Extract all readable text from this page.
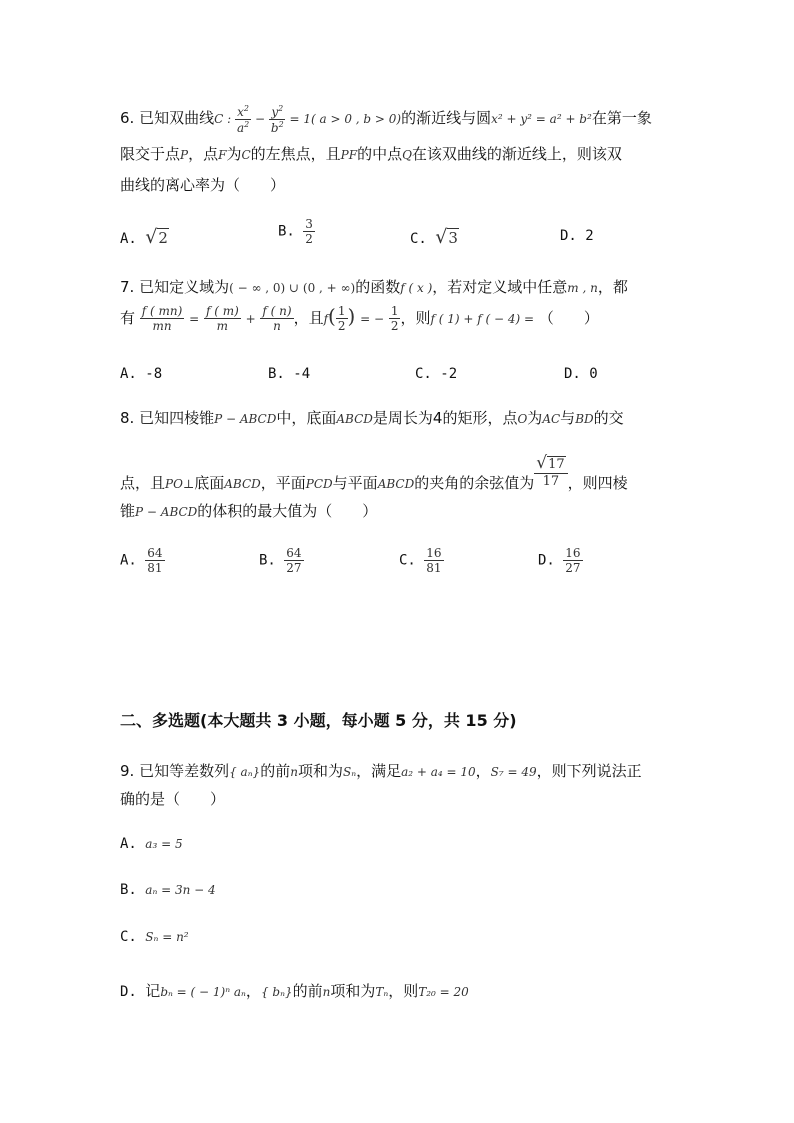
6. 已知双曲线C : $\frac{x^2}{a^2} - \frac{y^2}{b^2} = 1$( a > 0 , b > 0)的渐近线与圆x² + y² = a² + b²在第一象
限交于点P，点F为C的左焦点，且PF的中点Q在该双曲线的渐近线上，则该双
曲线的离心率为（　　）
A. √2	B. $\frac{3}{2}$	C. √3	D. 2
7. 已知定义域为( − ∞ , 0) ∪ (0 , + ∞)的函数f ( x )，若对定义域中任意m , n，都
有 $\frac{f ( mn)}{mn} = \frac{f ( m)}{m} + \frac{f ( n)}{n}$ ，且$f( \frac{1}{2}$ ) = − $\frac{1}{2}$ ，则f ( 1) + f ( − 4) = （　　）
A. -8	B. -4	C. -2	D. 0
8. 已知四棱锥P − ABCD中，底面ABCD是周长为4的矩形，点O为AC与BD的交
点，且PO⊥底面ABCD，平面PCD与平面ABCD的夹角的余弦值为 $\frac{√17}{17}$ ，则四棱
锥P − ABCD的体积的最大值为（　　）
A. $\frac{64}{81}$	B. $\frac{64}{27}$	C. $\frac{16}{81}$	D. $\frac{16}{27}$
二、多选题(本大题共 3 小题，每小题 5 分，共 15 分)
9. 已知等差数列{ aₙ}的前n项和为Sₙ，满足a₂ + a₄ = 10，S₇ = 49，则下列说法正
确的是（　　）
A. a₃ = 5
B. aₙ = 3n − 4
C. Sₙ = n²
D. 记bₙ = ( − 1)ⁿ aₙ，{ bₙ}的前n项和为Tₙ，则T₂₀ = 20
